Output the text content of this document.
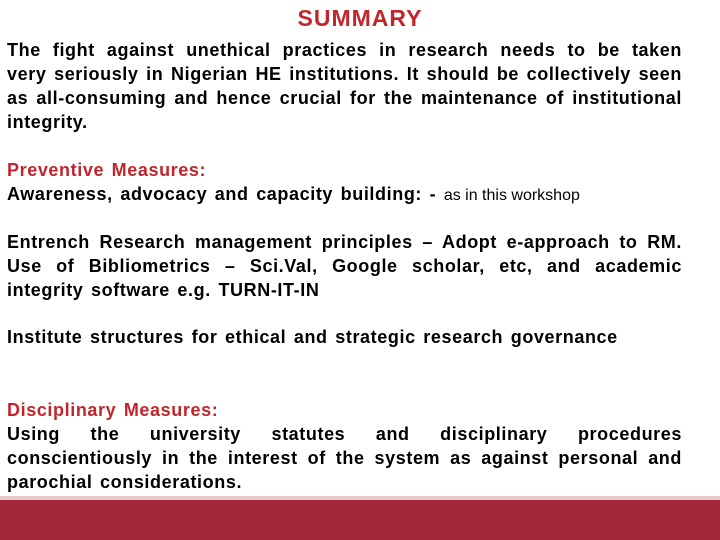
SUMMARY
The fight against unethical practices in research needs to be taken very seriously in Nigerian HE institutions. It should be collectively seen as all-consuming and hence crucial for the maintenance of institutional integrity.
Preventive Measures:
Awareness, advocacy and capacity building: - as in this workshop
Entrench Research management principles – Adopt e-approach to RM. Use of Bibliometrics – Sci.Val, Google scholar, etc, and academic integrity software e.g. TURN-IT-IN
Institute structures for ethical and strategic research governance
Disciplinary Measures:
Using the university statutes and disciplinary procedures conscientiously in the interest of the system as against personal and parochial considerations.
